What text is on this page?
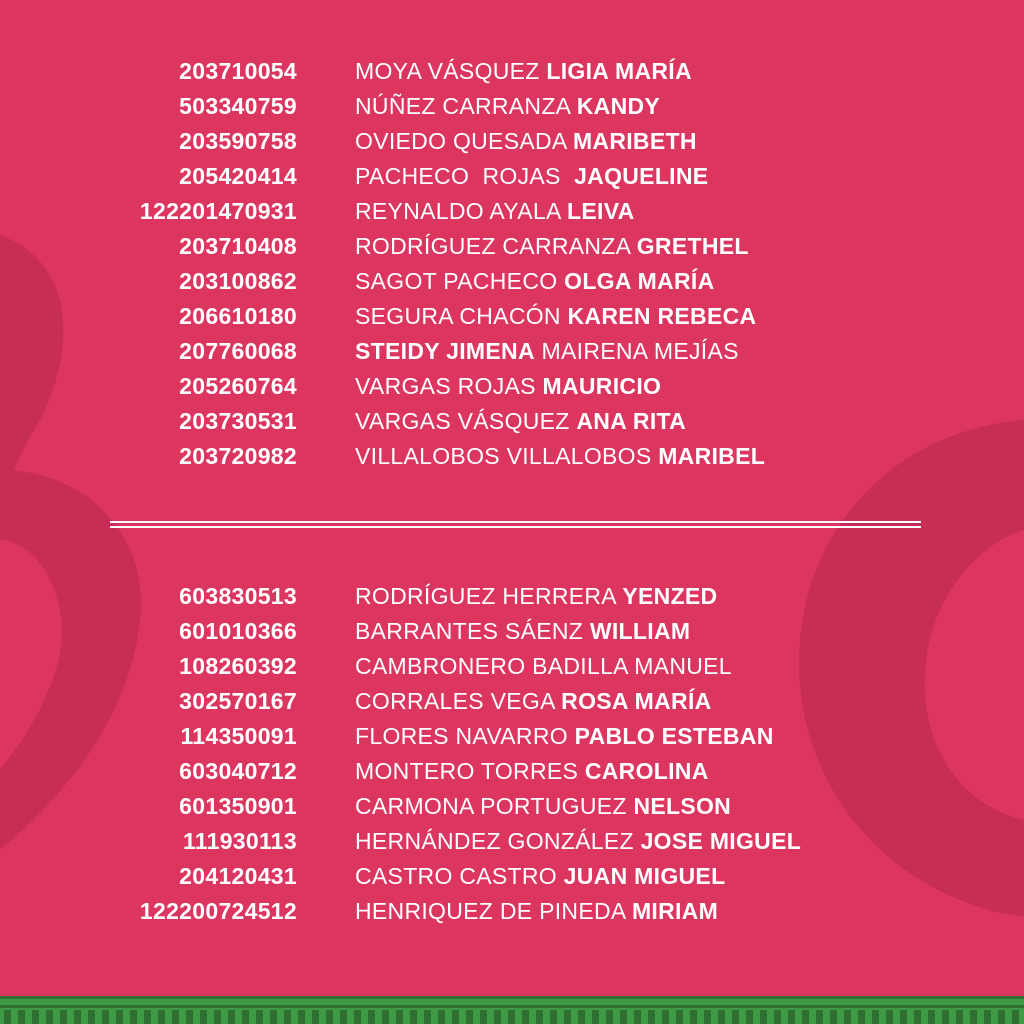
203710054	MOYA VÁSQUEZ LIGIA MARÍA
503340759	NÚÑEZ CARRANZA KANDY
203590758	OVIEDO QUESADA MARIBETH
205420414	PACHECO  ROJAS  JAQUELINE
122201470931	REYNALDO AYALA LEIVA
203710408	RODRÍGUEZ CARRANZA GRETHEL
203100862	SAGOT PACHECO OLGA MARÍA
206610180	SEGURA CHACÓN KAREN REBECA
207760068	STEIDY JIMENA MAIRENA MEJÍAS
205260764	VARGAS ROJAS MAURICIO
203730531	VARGAS VÁSQUEZ ANA RITA
203720982	VILLALOBOS VILLALOBOS MARIBEL
603830513	RODRÍGUEZ HERRERA YENZED
601010366	BARRANTES SÁENZ WILLIAM
108260392	CAMBRONERO BADILLA MANUEL
302570167	CORRALES VEGA ROSA MARÍA
114350091	FLORES NAVARRO PABLO ESTEBAN
603040712	MONTERO TORRES CAROLINA
601350901	CARMONA PORTUGUEZ NELSON
111930113	HERNÁNDEZ GONZÁLEZ JOSE MIGUEL
204120431	CASTRO CASTRO JUAN MIGUEL
122200724512	HENRIQUEZ DE PINEDA MIRIAM
